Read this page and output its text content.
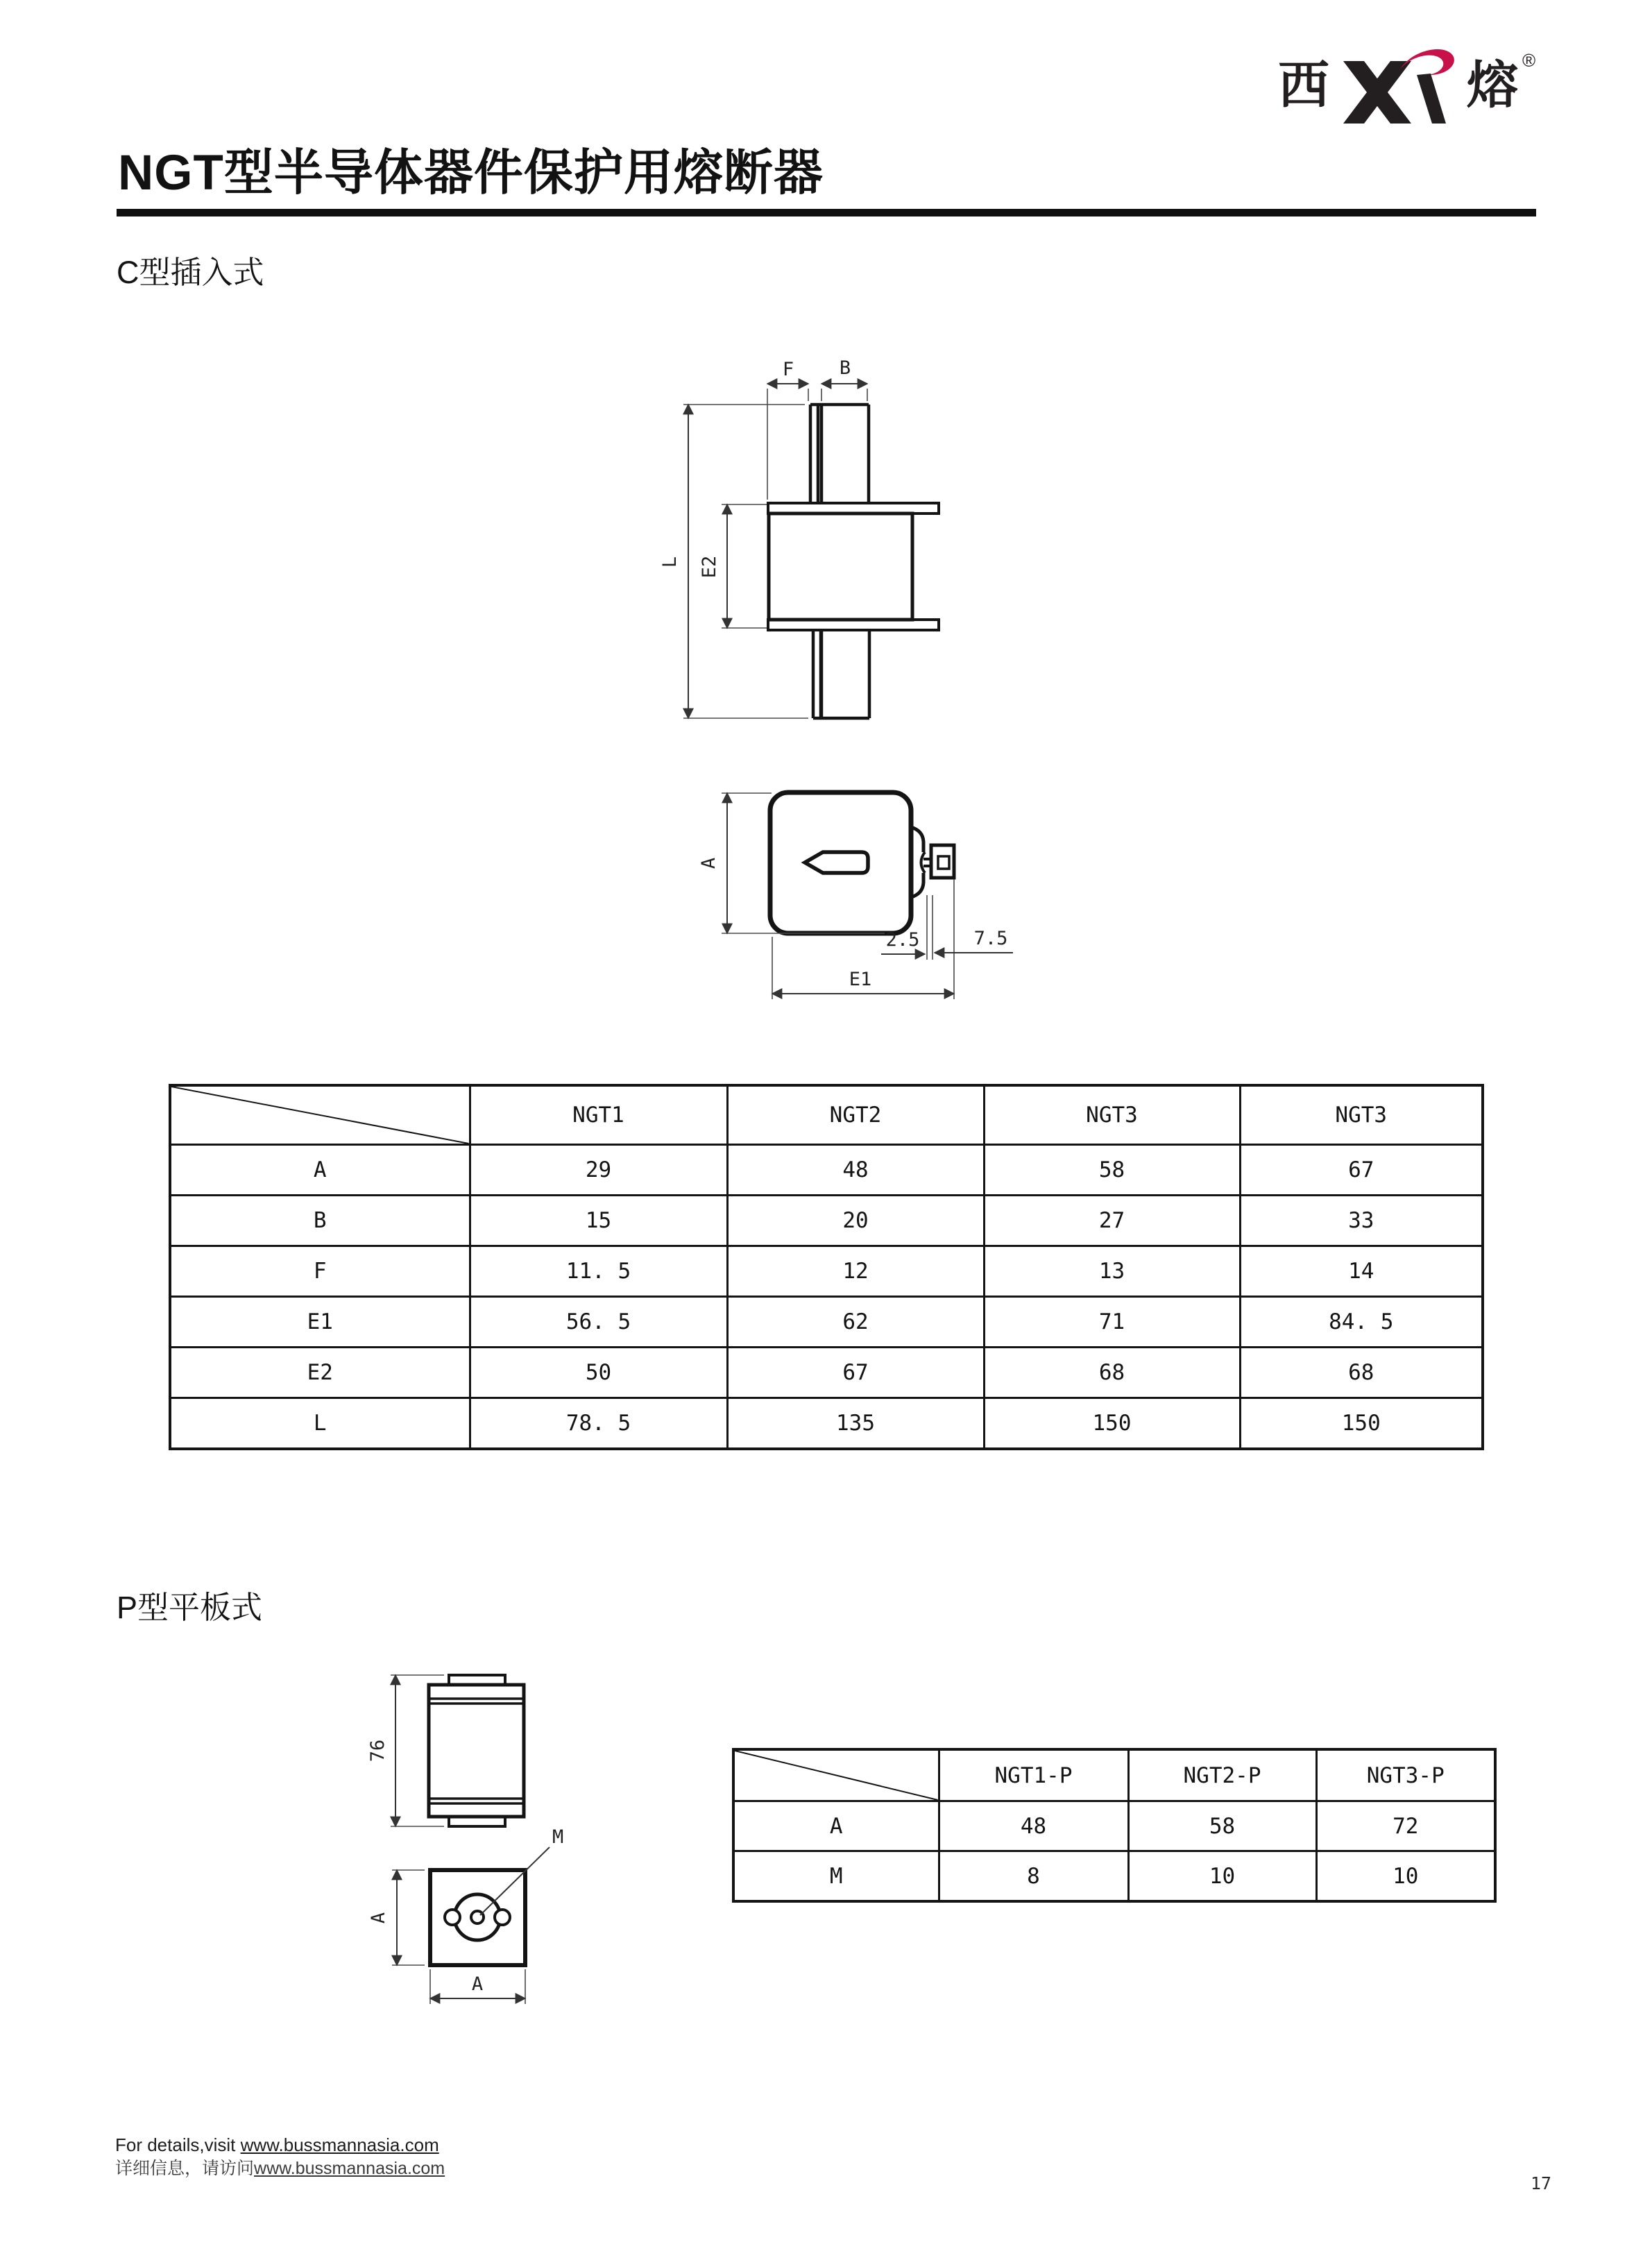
西	熔 ®
NGT型半导体器件保护用熔断器
C型插入式
F B
L E2
A
2.5	7.5
E1
	NGT1	NGT2	NGT3	NGT3
A	29	48	58	67
B	15	20	27	33
F	11. 5	12	13	14
E1	56. 5	62	71	84. 5
E2	50	67	68	68
L	78. 5	135	150	150
P型平板式
76
M
A
A
	NGT1-P	NGT2-P	NGT3-P
A	48	58	72
M	8	10	10
For details,visit www.bussmannasia.com
详细信息，请访问www.bussmannasia.com
17
